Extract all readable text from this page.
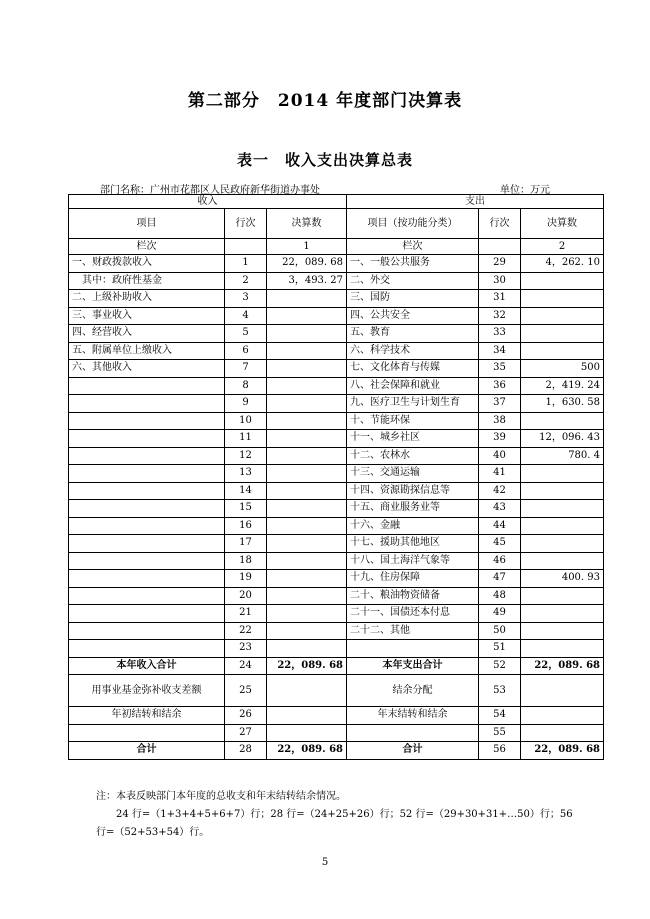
第二部分　2014 年度部门决算表
表一　收入支出决算总表
部门名称：广州市花都区人民政府新华街道办事处	单位：万元
收入			支出		
项目	行次	决算数	项目（按功能分类）	行次	决算数
栏次		1	栏次		2
一、财政拨款收入	1	22，089. 68	一、一般公共服务	29	4，262. 10
　其中：政府性基金	2	3，493. 27	二、外交	30	
二、上级补助收入	3		三、国防	31	
三、事业收入	4		四、公共安全	32	
四、经营收入	5		五、教育	33	
五、附属单位上缴收入	6		六、科学技术	34	
六、其他收入	7		七、文化体育与传媒	35	500
	8		八、社会保障和就业	36	2，419. 24
	9		九、医疗卫生与计划生育	37	1，630. 58
	10		十、节能环保	38	
	11		十一、城乡社区	39	12，096. 43
	12		十二、农林水	40	780. 4
	13		十三、交通运输	41	
	14		十四、资源勘探信息等	42	
	15		十五、商业服务业等	43	
	16		十六、金融	44	
	17		十七、援助其他地区	45	
	18		十八、国土海洋气象等	46	
	19		十九、住房保障	47	400. 93
	20		二十、粮油物资储备	48	
	21		二十一、国债还本付息	49	
	22		二十二、其他	50	
	23			51	
本年收入合计	24	22，089. 68	本年支出合计	52	22，089. 68
用事业基金弥补收支差额	25		结余分配	53	
年初结转和结余	26		年末结转和结余	54	
	27			55	
合计	28	22，089. 68	合计	56	22，089. 68
注：本表反映部门本年度的总收支和年末结转结余情况。
　　24 行=（1+3+4+5+6+7）行；28 行=（24+25+26）行；52 行=（29+30+31+…50）行；56
行=（52+53+54）行。
5
